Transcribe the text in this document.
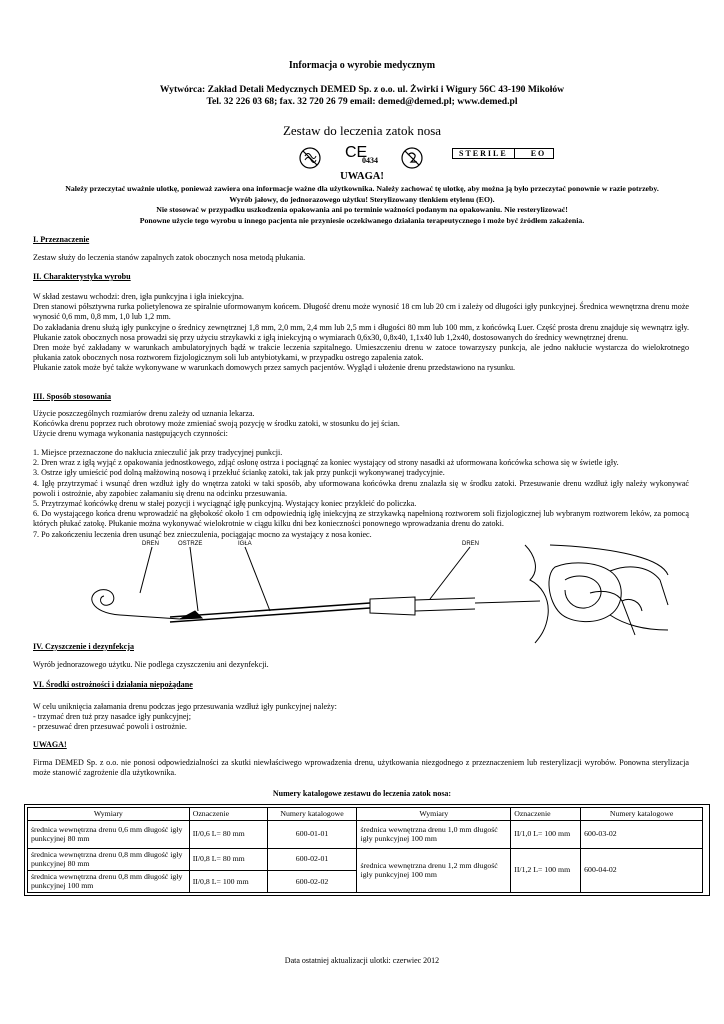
Informacja o wyrobie medycznym
Wytwórca: Zakład Detali Medycznych DEMED Sp. z o.o. ul. Żwirki i Wigury 56C 43-190 Mikołów
Tel. 32 226 03 68; fax. 32 720 26 79 email: demed@demed.pl; www.demed.pl
Zestaw do leczenia zatok nosa
CE
0434
STERILE	EO
UWAGA!
Należy przeczytać uważnie ulotkę, ponieważ zawiera ona informacje ważne dla użytkownika. Należy zachować tę ulotkę, aby można ją było przeczytać ponownie w razie potrzeby.
Wyrób jałowy, do jednorazowego użytku! Sterylizowany tlenkiem etylenu (EO).
Nie stosować w przypadku uszkodzenia opakowania ani po terminie ważności podanym na opakowaniu. Nie resterylizować!
Ponowne użycie tego wyrobu u innego pacjenta nie przyniesie oczekiwanego działania terapeutycznego i może być źródłem zakażenia.
I. Przeznaczenie
Zestaw służy do leczenia stanów zapalnych zatok obocznych nosa metodą płukania.
II. Charakterystyka wyrobu
W skład zestawu wchodzi: dren, igła punkcyjna i igła iniekcyjna.
Dren stanowi półsztywna rurka polietylenowa ze spiralnie uformowanym końcem. Długość drenu może wynosić 18 cm lub 20 cm i zależy od długości igły punkcyjnej. Średnica wewnętrzna drenu może wynosić 0,6 mm, 0,8 mm, 1,0 lub 1,2 mm.
Do zakładania drenu służą igły punkcyjne o średnicy zewnętrznej 1,8 mm, 2,0 mm, 2,4 mm lub 2,5 mm i długości 80 mm lub 100 mm, z końcówką Luer. Część prosta drenu znajduje się wewnątrz igły. Płukanie zatok obocznych nosa prowadzi się przy użyciu strzykawki z igłą iniekcyjną o wymiarach 0,6x30, 0,8x40, 1,1x40 lub 1,2x40, dostosowanych do średnicy wewnętrznej drenu.
Dren może być zakładany w warunkach ambulatoryjnych bądź w trakcie leczenia szpitalnego. Umieszczeniu drenu w zatoce towarzyszy punkcja, ale jedno nakłucie wystarcza do wielokrotnego płukania zatok obocznych nosa roztworem fizjologicznym soli lub antybiotykami, w przypadku ostrego zapalenia zatok.
Płukanie zatok może być także wykonywane w warunkach domowych przez samych pacjentów. Wygląd i ułożenie drenu przedstawiono na rysunku.
III. Sposób stosowania
Użycie poszczególnych rozmiarów drenu zależy od uznania lekarza.
Końcówka drenu poprzez ruch obrotowy może zmieniać swoją pozycję w środku zatoki, w stosunku do jej ścian.
Użycie drenu wymaga wykonania następujących czynności:
1. Miejsce przeznaczone do nakłucia znieczulić jak przy tradycyjnej punkcji.
2. Dren wraz z igłą wyjąć z opakowania jednostkowego, zdjąć osłonę ostrza i pociągnąć za koniec wystający od strony nasadki aż uformowana końcówka schowa się w świetle igły.
3. Ostrze igły umieścić pod dolną małżowiną nosową i przekłuć ściankę zatoki, tak jak przy punkcji wykonywanej tradycyjnie.
4. Igłę przytrzymać i wsunąć dren wzdłuż igły do wnętrza zatoki w taki sposób, aby uformowana końcówka drenu znalazła się w środku zatoki. Przesuwanie drenu wzdłuż igły należy wykonywać powoli i ostrożnie, aby zapobiec załamaniu się drenu na odcinku przesuwania.
5. Przytrzymać końcówkę drenu w stałej pozycji i wyciągnąć igłę punkcyjną. Wystający koniec przykleić do policzka.
6. Do wystającego końca drenu wprowadzić na głębokość około 1 cm odpowiednią igłę iniekcyjną ze strzykawką napełnioną roztworem soli fizjologicznej lub wybranym roztworem leków, za pomocą których płukać zatokę. Płukanie można wykonywać wielokrotnie w ciągu kilku dni bez konieczności ponownego wprowadzania drenu do zatoki.
7. Po zakończeniu leczenia dren usunąć bez znieczulenia, pociągając mocno za wystający z nosa koniec.
DREN	OSTRZE	IGŁA	DREN
IV. Czyszczenie i dezynfekcja
Wyrób jednorazowego użytku. Nie podlega czyszczeniu ani dezynfekcji.
VI. Środki ostrożności i działania niepożądane
W celu uniknięcia załamania drenu podczas jego przesuwania wzdłuż igły punkcyjnej należy:
- trzymać dren tuż przy nasadce igły punkcyjnej;
- przesuwać dren przesuwać powoli i ostrożnie.
UWAGA!
Firma DEMED Sp. z o.o. nie ponosi odpowiedzialności za skutki niewłaściwego wprowadzenia drenu, użytkowania niezgodnego z przeznaczeniem lub resterylizacji wyrobów. Ponowna sterylizacja może stanowić zagrożenie dla użytkownika.
Numery katalogowe zestawu do leczenia zatok nosa:
Wymiary	Oznaczenie	Numery katalogowe	Wymiary	Oznaczenie	Numery katalogowe
średnica wewnętrzna drenu 0,6 mm długość igły punkcyjnej 80 mm	II/0,6 L= 80 mm	600-01-01	średnica wewnętrzna drenu 1,0 mm długość igły punkcyjnej 100 mm	II/1,0 L= 100 mm	600-03-02
średnica wewnętrzna drenu 0,8 mm długość igły punkcyjnej 80 mm	II/0,8 L= 80 mm	600-02-01	średnica wewnętrzna drenu 1,2 mm długość igły punkcyjnej 100 mm	II/1,2 L= 100 mm	600-04-02
średnica wewnętrzna drenu 0,8 mm długość igły punkcyjnej 100 mm	II/0,8 L= 100 mm	600-02-02			
Data ostatniej aktualizacji ulotki: czerwiec 2012
